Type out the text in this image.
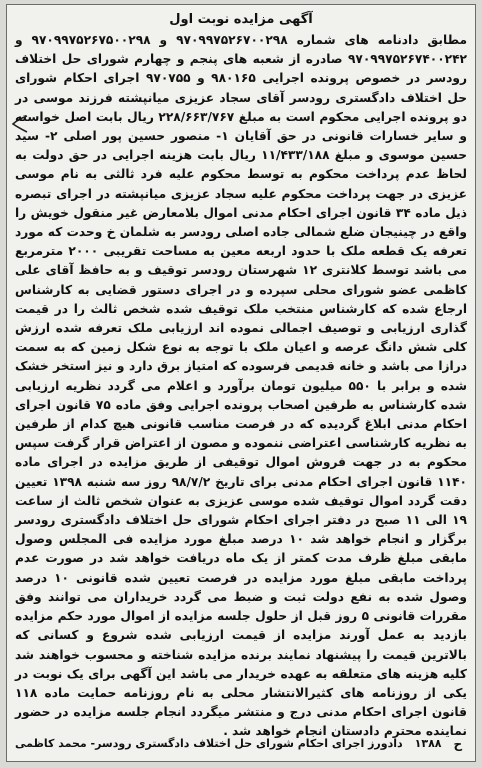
آگهی مزایده نوبت اول
مطابق دادنامه های شماره ۹۷۰۹۹۷۵۲۶۷۰۰۲۹۸ و ۹۷۰۹۹۷۵۲۶۷۵۰۰۲۹۸ و ۹۷۰۹۹۷۵۲۶۷۴۰۰۲۴۲ صادره از شعبه های پنجم و چهارم شورای حل اختلاف رودسر در خصوص پرونده اجرایی ۹۸۰۱۶۵ و ۹۷۰۷۵۵ اجرای احکام شورای حل اختلاف دادگستری رودسر آقای سجاد عزیزی میانپشته فرزند موسی در دو پرونده اجرایی محکوم است به مبلغ ۲۲۸/۶۶۳/۷۶۷ ریال بابت اصل خواسته و سایر خسارات قانونی در حق آقایان ۱- منصور حسین پور اصلی ۲- سید حسین موسوی و مبلغ ۱۱/۴۳۳/۱۸۸ ریال بابت هزینه اجرایی در حق دولت به لحاظ عدم پرداخت محکوم به توسط محکوم علیه فرد ثالثی به نام موسی عزیزی در جهت پرداخت محکوم علیه سجاد عزیزی میانپشته در اجرای تبصره ذیل ماده ۳۴ قانون اجرای احکام مدنی اموال بلامعارض غیر منقول خویش را واقع در چینیجان ضلع شمالی جاده اصلی رودسر به شلمان خ وحدت که مورد تعرفه یک قطعه ملک با حدود اربعه معین به مساحت تقریبی ۲۰۰۰ مترمربع می باشد توسط کلانتری ۱۲ شهرستان رودسر توقیف و به حافظ آقای علی کاظمی عضو شورای محلی سپرده و در اجرای دستور قضایی به کارشناس ارجاع شده که کارشناس منتخب ملک توقیف شده شخص ثالث را در قیمت گذاری ارزیابی و توصیف اجمالی نموده اند ارزیابی ملک تعرفه شده ارزش کلی شش دانگ عرصه و اعیان ملک با توجه به نوع شکل زمین که به سمت درازا می باشد و خانه قدیمی فرسوده که امتیاز برق دارد و نیز استخر خشک شده و برابر با ۵۵۰ میلیون تومان برآورد و اعلام می گردد نظریه ارزیابی شده کارشناس به طرفین اصحاب پرونده اجرایی وفق ماده ۷۵ قانون اجرای احکام مدنی ابلاغ گردیده که در فرصت مناسب قانونی هیچ کدام از طرفین به نظریه کارشناسی اعتراضی ننموده و مصون از اعتراض قرار گرفت سپس محکوم به در جهت فروش اموال توقیفی از طریق مزایده در اجرای ماده ۱۱۴۰ قانون اجرای احکام مدنی برای تاریخ ۹۸/۷/۲ روز سه شنبه ۱۳۹۸ تعیین دقت گردد اموال توقیف شده موسی عزیزی به عنوان شخص ثالث از ساعت ۱۹ الی ۱۱ صبح در دفتر اجرای احکام شورای حل اختلاف دادگستری رودسر برگزار و انجام خواهد شد ۱۰ درصد مبلغ مورد مزایده فی المجلس وصول مابقی مبلغ ظرف مدت کمتر از یک ماه دریافت خواهد شد در صورت عدم پرداخت مابقی مبلغ مورد مزایده در فرصت تعیین شده قانونی ۱۰ درصد وصول شده به نفع دولت ثبت و ضبط می گردد خریداران می توانند وفق مقررات قانونی ۵ روز قبل از حلول جلسه مزایده از اموال مورد حکم مزایده بازدید به عمل آورند مزایده از قیمت ارزیابی شده شروع و کسانی که بالاترین قیمت را پیشنهاد نمایند برنده مزایده شناخته و محسوب خواهند شد کلیه هزینه های متعلقه به عهده خریدار می باشد این آگهی برای یک نوبت در یکی از روزنامه های کثیرالانتشار محلی به نام روزنامه حمایت ماده ۱۱۸ قانون اجرای احکام مدنی درج و منتشر میگردد انجام جلسه مزایده در حضور نماینده محترم دادستان انجام خواهد شد .
ح
۱۳۸۸
دادورز اجرای احکام شورای حل اختلاف دادگستری رودسر- محمد کاظمی
